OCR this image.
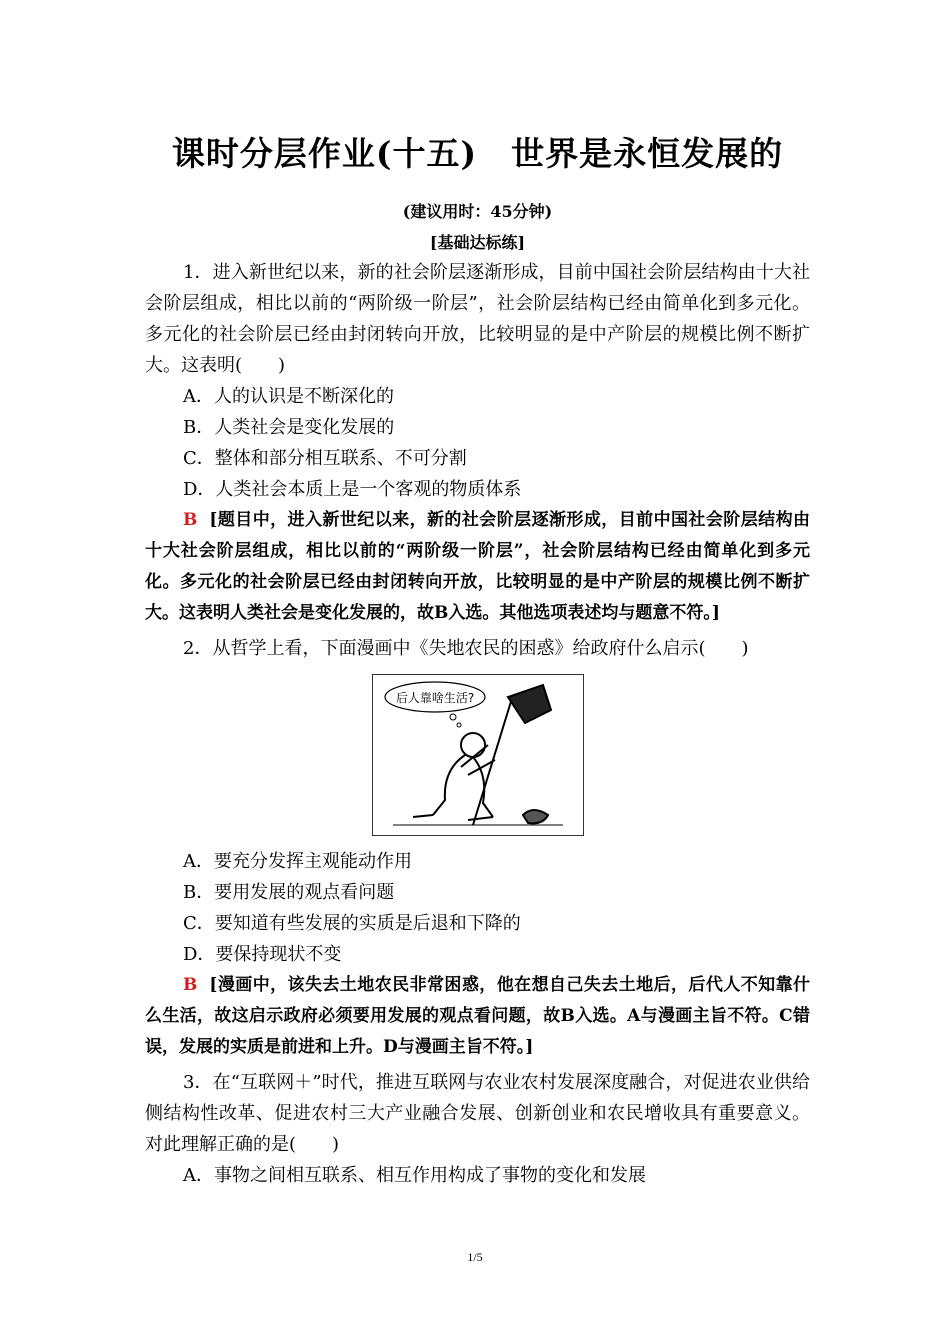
课时分层作业(十五)　世界是永恒发展的
(建议用时：45分钟)
[基础达标练]

1．进入新世纪以来，新的社会阶层逐渐形成，目前中国社会阶层结构由十大社会阶层组成，相比以前的“两阶级一阶层”，社会阶层结构已经由简单化到多元化。多元化的社会阶层已经由封闭转向开放，比较明显的是中产阶层的规模比例不断扩大。这表明(　　)

A．人的认识是不断深化的

B．人类社会是变化发展的

C．整体和部分相互联系、不可分割

D．人类社会本质上是一个客观的物质体系

B [题目中，进入新世纪以来，新的社会阶层逐渐形成，目前中国社会阶层结构由十大社会阶层组成，相比以前的“两阶级一阶层”，社会阶层结构已经由简单化到多元化。多元化的社会阶层已经由封闭转向开放，比较明显的是中产阶层的规模比例不断扩大。这表明人类社会是变化发展的，故B入选。其他选项表述均与题意不符。]

2．从哲学上看，下面漫画中《失地农民的困惑》给政府什么启示(　　)

后人靠啥生活?

A．要充分发挥主观能动作用

B．要用发展的观点看问题

C．要知道有些发展的实质是后退和下降的

D．要保持现状不变

B [漫画中，该失去土地农民非常困惑，他在想自己失去土地后，后代人不知靠什么生活，故这启示政府必须要用发展的观点看问题，故B入选。A与漫画主旨不符。C错误，发展的实质是前进和上升。D与漫画主旨不符。]

3．在“互联网＋”时代，推进互联网与农业农村发展深度融合，对促进农业供给侧结构性改革、促进农村三大产业融合发展、创新创业和农民增收具有重要意义。对此理解正确的是(　　)

A．事物之间相互联系、相互作用构成了事物的变化和发展

1/5
